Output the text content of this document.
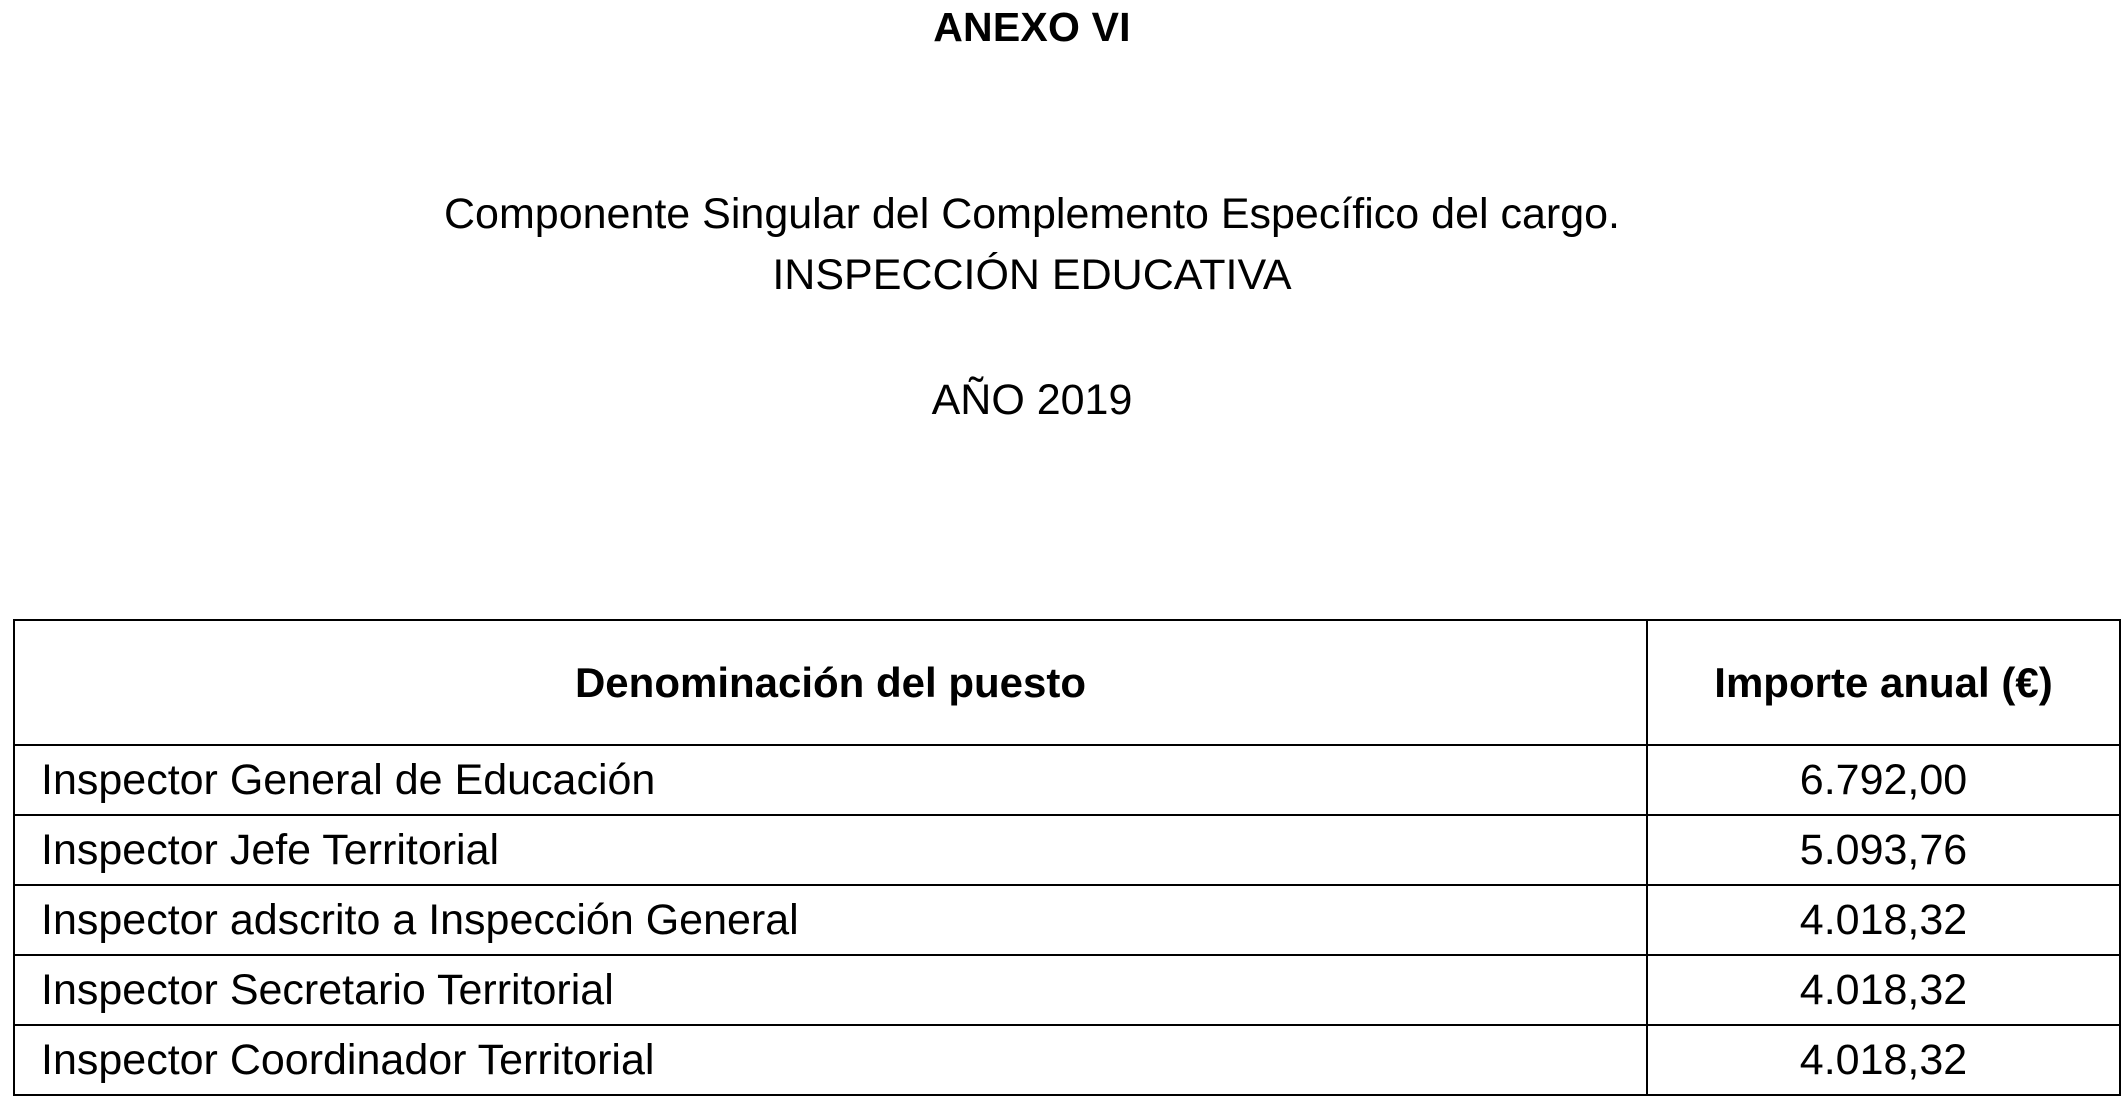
ANEXO VI
Componente Singular del Complemento Específico del cargo.
INSPECCIÓN EDUCATIVA
AÑO 2019
Denominación del puesto	Importe anual (€)
Inspector General de Educación	6.792,00
Inspector Jefe Territorial	5.093,76
Inspector adscrito a Inspección General	4.018,32
Inspector Secretario Territorial	4.018,32
Inspector Coordinador Territorial	4.018,32
